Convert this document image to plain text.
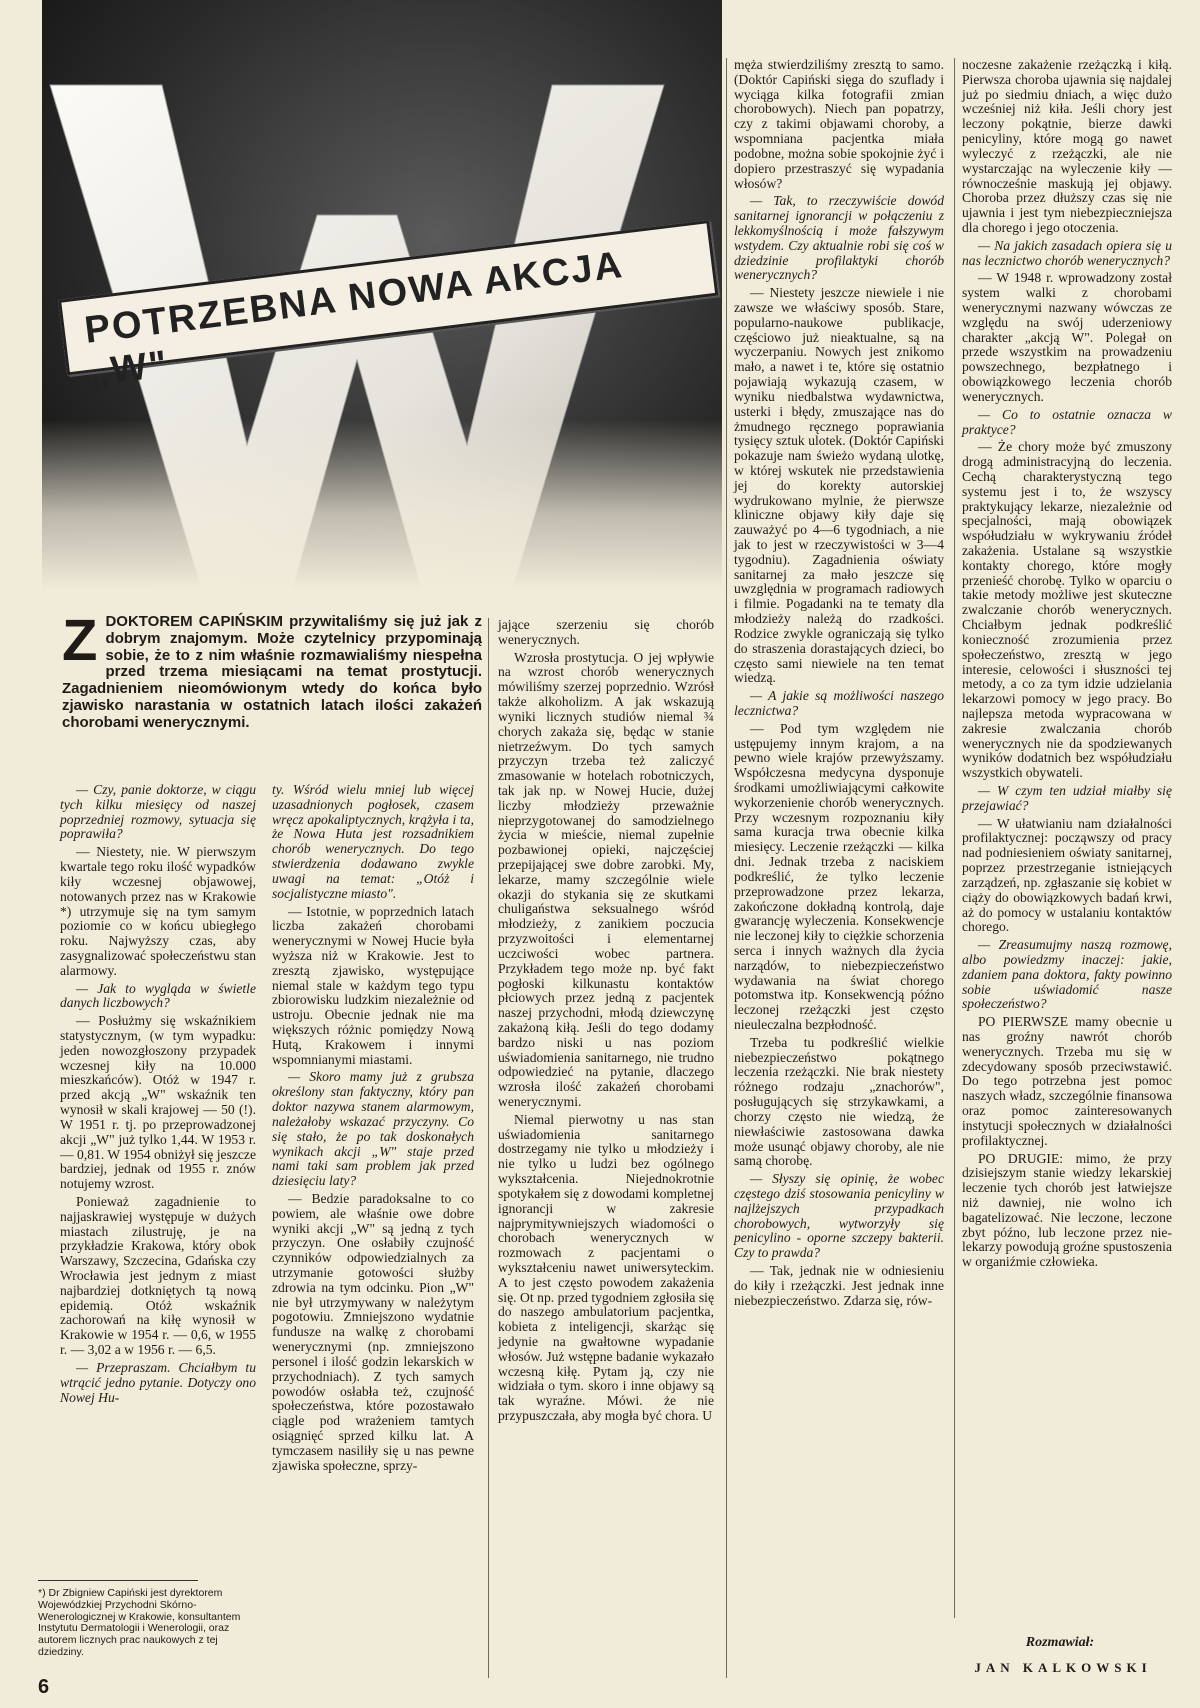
POTRZEBNA NOWA AKCJA „W"
Z DOKTOREM CAPIŃSKIM przywitaliśmy się już jak z dobrym znajomym. Może czytelnicy przypominają sobie, że to z nim właśnie rozmawialiśmy niespełna przed trzema miesiącami na temat prostytucji. Zagadnieniem nieomówionym wtedy do końca było zjawisko narastania w ostatnich latach ilości zakażeń chorobami wenerycznymi.

— Czy, panie doktorze, w ciągu tych kilku miesięcy od naszej poprzedniej rozmowy, sytuacja się poprawiła?

— Niestety, nie. W pierwszym kwartale tego roku ilość wypadków kiły wczesnej objawowej, notowanych przez nas w Krakowie *) utrzymuje się na tym samym poziomie co w końcu ubiegłego roku. Najwyższy czas, aby zasygnalizować społeczeństwu stan alarmowy.

— Jak to wygląda w świetle danych liczbowych?

— Posłużmy się wskaźnikiem statystycznym, (w tym wypadku: jeden nowozgłoszony przypadek wczesnej kiły na 10.000 mieszkańców). Otóż w 1947 r. przed akcją „W" wskaźnik ten wynosił w skali krajowej — 50 (!). W 1951 r. tj. po przeprowadzonej akcji „W" już tylko 1,44. W 1953 r. — 0,81. W 1954 obniżył się jeszcze bardziej, jednak od 1955 r. znów notujemy wzrost.

Ponieważ zagadnienie to najjaskrawiej występuje w dużych miastach zilustruję, je na przykładzie Krakowa, który obok Warszawy, Szczecina, Gdańska czy Wrocławia jest jednym z miast najbardziej dotkniętych tą nową epidemią. Otóż wskaźnik zachorowań na kiłę wynosił w Krakowie w 1954 r. — 0,6, w 1955 r. — 3,02 a w 1956 r. — 6,5.

— Przepraszam. Chciałbym tu wtrącić jedno pytanie. Dotyczy ono Nowej Hu-

ty. Wśród wielu mniej lub więcej uzasadnionych pogłosek, czasem wręcz apokaliptycznych, krążyła i ta, że Nowa Huta jest rozsadnikiem chorób wenerycznych. Do tego stwierdzenia dodawano zwykle uwagi na temat: „Otóż i socjalistyczne miasto".

— Istotnie, w poprzednich latach liczba zakażeń chorobami wenerycznymi w Nowej Hucie była wyższa niż w Krakowie. Jest to zresztą zjawisko, występujące niemal stale w każdym tego typu zbiorowisku ludzkim niezależnie od ustroju. Obecnie jednak nie ma większych różnic pomiędzy Nową Hutą, Krakowem i innymi wspomnianymi miastami.

— Skoro mamy już z grubsza określony stan faktyczny, który pan doktor nazywa stanem alarmowym, należałoby wskazać przyczyny. Co się stało, że po tak doskonałych wynikach akcji „W" staje przed nami taki sam problem jak przed dziesięciu laty?

— Bedzie paradoksalne to co powiem, ale właśnie owe dobre wyniki akcji „W" są jedną z tych przyczyn. One osłabiły czujność czynników odpowiedzialnych za utrzymanie gotowości służby zdrowia na tym odcinku. Pion „W" nie był utrzymywany w należytym pogotowiu. Zmniejszono wydatnie fundusze na walkę z chorobami wenerycznymi (np. zmniejszono personel i ilość godzin lekarskich w przychodniach). Z tych samych powodów osłabła też, czujność społeczeństwa, które pozostawało ciągle pod wrażeniem tamtych osiągnięć sprzed kilku lat. A tymczasem nasiliły się u nas pewne zjawiska społeczne, sprzy-

jające szerzeniu się chorób wenerycznych.

Wzrosła prostytucja. O jej wpływie na wzrost chorób wenerycznych mówiliśmy szerzej poprzednio. Wzrósł także alkoholizm. A jak wskazują wyniki licznych studiów niemal ¾ chorych zakaża się, będąc w stanie nietrzeźwym. Do tych samych przyczyn trzeba też zaliczyć zmasowanie w hotelach robotniczych, tak jak np. w Nowej Hucie, dużej liczby młodzieży przeważnie nieprzygotowanej do samodzielnego życia w mieście, niemal zupełnie pozbawionej opieki, najczęściej przepijającej swe dobre zarobki. My, lekarze, mamy szczególnie wiele okazji do stykania się ze skutkami chuligaństwa seksualnego wśród młodzieży, z zanikiem poczucia przyzwoitości i elementarnej uczciwości wobec partnera. Przykładem tego może np. być fakt pogłoski kilkunastu kontaktów płciowych przez jedną z pacjentek naszej przychodni, młodą dziewczynę zakażoną kiłą. Jeśli do tego dodamy bardzo niski u nas poziom uświadomienia sanitarnego, nie trudno odpowiedzieć na pytanie, dlaczego wzrosła ilość zakażeń chorobami wenerycznymi.

Niemal pierwotny u nas stan uświadomienia sanitarnego dostrzegamy nie tylko u młodzieży i nie tylko u ludzi bez ogólnego wykształcenia. Niejednokrotnie spotykałem się z dowodami kompletnej ignorancji w zakresie najprymitywniejszych wiadomości o chorobach wenerycznych w rozmowach z pacjentami o wykształceniu nawet uniwersyteckim. A to jest często powodem zakażenia się. Ot np. przed tygodniem zgłosiła się do naszego ambulatorium pacjentka, kobieta z inteligencji, skarżąc się jedynie na gwałtowne wypadanie włosów. Już wstępne badanie wykazało wczesną kiłę. Pytam ją, czy nie widziała o tym. skoro i inne objawy są tak wyraźne. Mówi. że nie przypuszczała, aby mogła być chora. U

męża stwierdziliśmy zresztą to samo. (Doktór Capiński sięga do szuflady i wyciąga kilka fotografii zmian chorobowych). Niech pan popatrzy, czy z takimi objawami choroby, a wspomniana pacjentka miała podobne, można sobie spokojnie żyć i dopiero przestraszyć się wypadania włosów?

— Tak, to rzeczywiście dowód sanitarnej ignorancji w połączeniu z lekkomyślnością i może fałszywym wstydem. Czy aktualnie robi się coś w dziedzinie profilaktyki chorób wenerycznych?

— Niestety jeszcze niewiele i nie zawsze we właściwy sposób. Stare, popularno-naukowe publikacje, częściowo już nieaktualne, są na wyczerpaniu. Nowych jest znikomo mało, a nawet i te, które się ostatnio pojawiają wykazują czasem, w wyniku niedbalstwa wydawnictwa, usterki i błędy, zmuszające nas do żmudnego ręcznego poprawiania tysięcy sztuk ulotek. (Doktór Capiński pokazuje nam świeżo wydaną ulotkę, w której wskutek nie przedstawienia jej do korekty autorskiej wydrukowano mylnie, że pierwsze kliniczne objawy kiły daje się zauważyć po 4—6 tygodniach, a nie jak to jest w rzeczywistości w 3—4 tygodniu). Zagadnienia oświaty sanitarnej za mało jeszcze się uwzględnia w programach radiowych i filmie. Pogadanki na te tematy dla młodzieży należą do rzadkości. Rodzice zwykle ograniczają się tylko do straszenia dorastających dzieci, bo często sami niewiele na ten temat wiedzą.

— A jakie są możliwości naszego lecznictwa?

— Pod tym względem nie ustępujemy innym krajom, a na pewno wiele krajów przewyższamy. Współczesna medycyna dysponuje środkami umożliwiającymi całkowite wykorzenienie chorób wenerycznych. Przy wczesnym rozpoznaniu kiły sama kuracja trwa obecnie kilka miesięcy. Leczenie rzeżączki — kilka dni. Jednak trzeba z naciskiem podkreślić, że tylko leczenie przeprowadzone przez lekarza, zakończone dokładną kontrolą, daje gwarancję wyleczenia. Konsekwencje nie leczonej kiły to ciężkie schorzenia serca i innych ważnych dla życia narządów, to niebezpieczeństwo wydawania na świat chorego potomstwa itp. Konsekwencją późno leczonej rzeżączki jest często nieuleczalna bezpłodność.

Trzeba tu podkreślić wielkie niebezpieczeństwo pokątnego leczenia rzeżączki. Nie brak niestety różnego rodzaju „znachorów", posługujących się strzykawkami, a chorzy często nie wiedzą, że niewłaściwie zastosowana dawka może usunąć objawy choroby, ale nie samą chorobę.

— Słyszy się opinię, że wobec częstego dziś stosowania penicyliny w najlżejszych przypadkach chorobowych, wytworzyły się penicylino - oporne szczepy bakterii. Czy to prawda?

— Tak, jednak nie w odniesieniu do kiły i rzeżączki. Jest jednak inne niebezpieczeństwo. Zdarza się, rów-

noczesne zakażenie rzeżączką i kiłą. Pierwsza choroba ujawnia się najdalej już po siedmiu dniach, a więc dużo wcześniej niż kiła. Jeśli chory jest leczony pokątnie, bierze dawki penicyliny, które mogą go nawet wyleczyć z rzeżączki, ale nie wystarczając na wyleczenie kiły — równocześnie maskują jej objawy. Choroba przez dłuższy czas się nie ujawnia i jest tym niebezpieczniejsza dla chorego i jego otoczenia.

— Na jakich zasadach opiera się u nas lecznictwo chorób wenerycznych?

— W 1948 r. wprowadzony został system walki z chorobami wenerycznymi nazwany wówczas ze względu na swój uderzeniowy charakter „akcją W". Polegał on przede wszystkim na prowadzeniu powszechnego, bezpłatnego i obowiązkowego leczenia chorób wenerycznych.

— Co to ostatnie oznacza w praktyce?

— Że chory może być zmuszony drogą administracyjną do leczenia. Cechą charakterystyczną tego systemu jest i to, że wszyscy praktykujący lekarze, niezależnie od specjalności, mają obowiązek współudziału w wykrywaniu źródeł zakażenia. Ustalane są wszystkie kontakty chorego, które mogły przenieść chorobę. Tylko w oparciu o takie metody możliwe jest skuteczne zwalczanie chorób wenerycznych. Chciałbym jednak podkreślić konieczność zrozumienia przez społeczeństwo, zresztą w jego interesie, celowości i słuszności tej metody, a co za tym idzie udzielania lekarzowi pomocy w jego pracy. Bo najlepsza metoda wypracowana w zakresie zwalczania chorób wenerycznych nie da spodziewanych wyników dodatnich bez współudziału wszystkich obywateli.

— W czym ten udział miałby się przejawiać?

— W ułatwianiu nam działalności profilaktycznej: począwszy od pracy nad podniesieniem oświaty sanitarnej, poprzez przestrzeganie istniejących zarządzeń, np. zgłaszanie się kobiet w ciąży do obowiązkowych badań krwi, aż do pomocy w ustalaniu kontaktów chorego.

— Zreasumujmy naszą rozmowę, albo powiedzmy inaczej: jakie, zdaniem pana doktora, fakty powinno sobie uświadomić nasze społeczeństwo?

PO PIERWSZE mamy obecnie u nas groźny nawrót chorób wenerycznych. Trzeba mu się w zdecydowany sposób przeciwstawić. Do tego potrzebna jest pomoc naszych władz, szczególnie finansowa oraz pomoc zainteresowanych instytucji społecznych w działalności profilaktycznej.

PO DRUGIE: mimo, że przy dzisiejszym stanie wiedzy lekarskiej leczenie tych chorób jest łatwiejsze niż dawniej, nie wolno ich bagatelizować. Nie leczone, leczone zbyt późno, lub leczone przez nie-lekarzy powodują groźne spustoszenia w organiźmie człowieka.

*) Dr Zbigniew Capiński jest dyrektorem Wojewódzkiej Przychodni Skórno-Wenerologicznej w Krakowie, konsultantem Instytutu Dermatologii i Wenerologii, oraz autorem licznych prac naukowych z tej dziedziny.
6
Rozmawiał:
JAN KALKOWSKI
